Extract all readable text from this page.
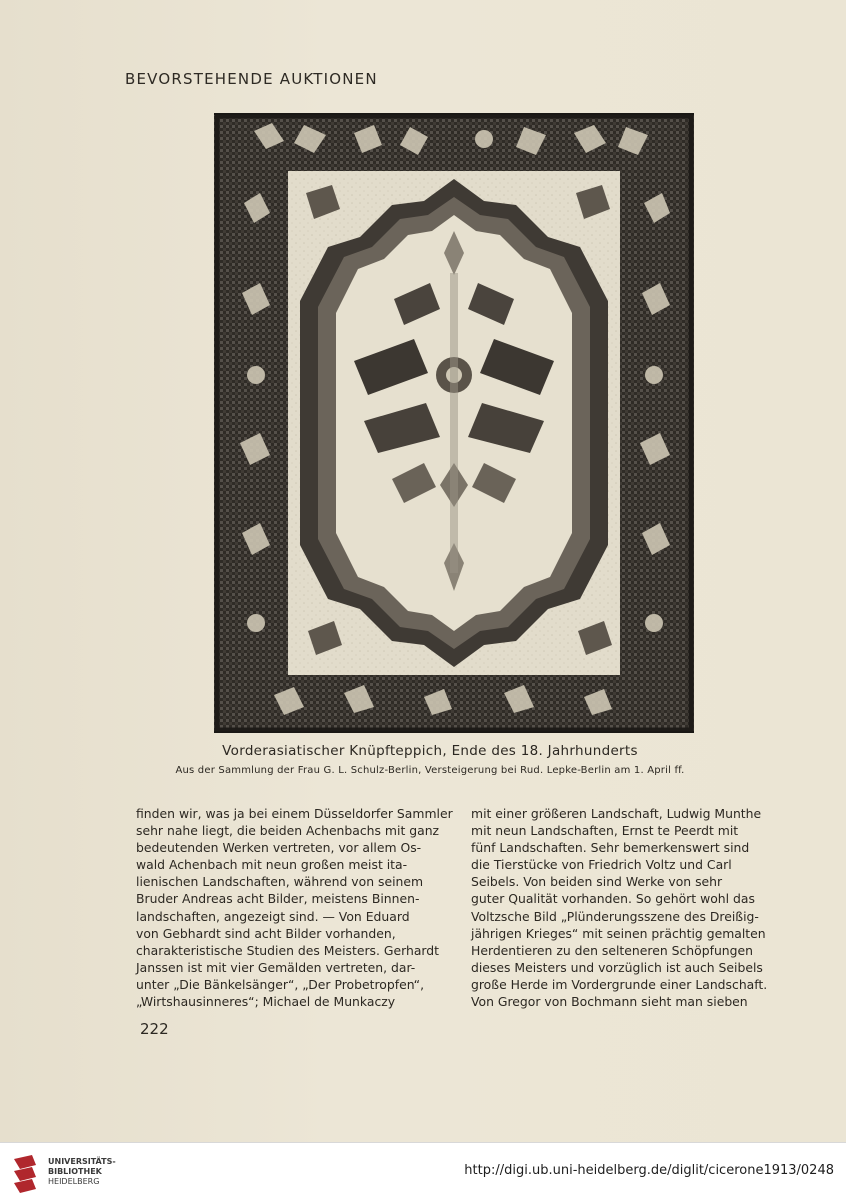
BEVORSTEHENDE AUKTIONEN
Vorderasiatischer Knüpfteppich, Ende des 18. Jahrhunderts
Aus der Sammlung der Frau G. L. Schulz-Berlin, Versteigerung bei Rud. Lepke-Berlin am 1. April ff.

finden wir, was ja bei einem Düsseldorfer Sammler

sehr nahe liegt, die beiden Achenbachs mit ganz

bedeutenden Werken vertreten, vor allem Os-

wald Achenbach mit neun großen meist ita-

lienischen Landschaften, während von seinem

Bruder Andreas acht Bilder, meistens Binnen-

landschaften, angezeigt sind. — Von Eduard

von Gebhardt sind acht Bilder vorhanden,

charakteristische Studien des Meisters. Gerhardt

Janssen ist mit vier Gemälden vertreten, dar-

unter „Die Bänkelsänger“, „Der Probetropfen“,

„Wirtshausinneres“; Michael de Munkaczy

mit einer größeren Landschaft, Ludwig Munthe

mit neun Landschaften, Ernst te Peerdt mit

fünf Landschaften. Sehr bemerkenswert sind

die Tierstücke von Friedrich Voltz und Carl

Seibels. Von beiden sind Werke von sehr

guter Qualität vorhanden. So gehört wohl das

Voltzsche Bild „Plünderungsszene des Dreißig-

jährigen Krieges“ mit seinen prächtig gemalten

Herdentieren zu den selteneren Schöpfungen

dieses Meisters und vorzüglich ist auch Seibels

große Herde im Vordergrunde einer Landschaft.

Von Gregor von Bochmann sieht man sieben

222
UNIVERSITÄTS-
BIBLIOTHEK
HEIDELBERG
http://digi.ub.uni-heidelberg.de/diglit/cicerone1913/0248
